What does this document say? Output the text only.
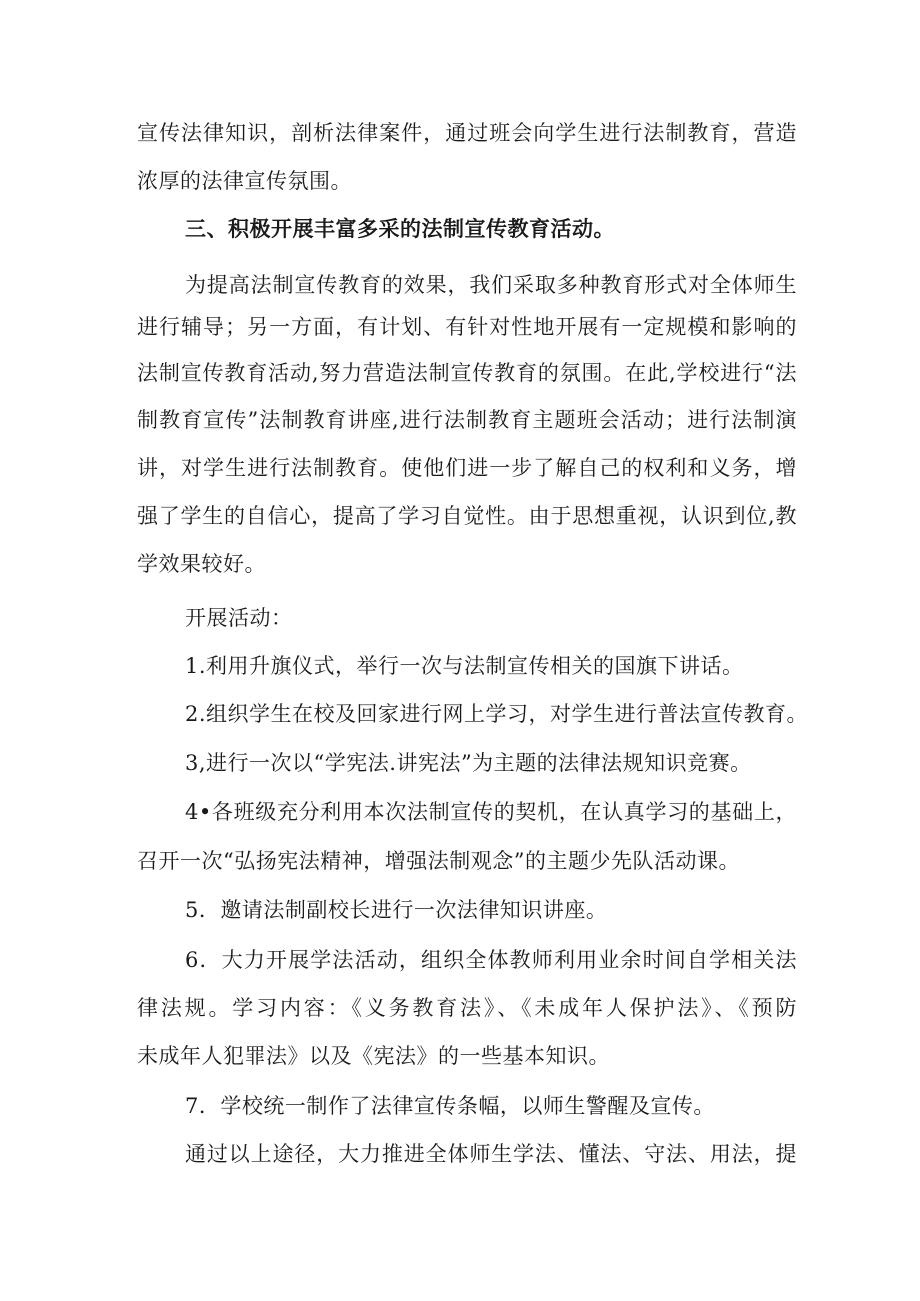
宣传法律知识，剖析法律案件，通过班会向学生进行法制教育，营造
浓厚的法律宣传氛围。
三、积极开展丰富多采的法制宣传教育活动。
为提高法制宣传教育的效果，我们采取多种教育形式对全体师生
进行辅导；另一方面，有计划、有针对性地开展有一定规模和影响的
法制宣传教育活动,努力营造法制宣传教育的氛围。在此,学校进行“法
制教育宣传”法制教育讲座,进行法制教育主题班会活动；进行法制演
讲，对学生进行法制教育。使他们进一步了解自己的权利和义务，增
强了学生的自信心，提高了学习自觉性。由于思想重视，认识到位,教
学效果较好。
开展活动：
1.利用升旗仪式，举行一次与法制宣传相关的国旗下讲话。
2.组织学生在校及回家进行网上学习，对学生进行普法宣传教育。
3,进行一次以“学宪法.讲宪法”为主题的法律法规知识竞赛。
4•各班级充分利用本次法制宣传的契机，在认真学习的基础上，
召开一次“弘扬宪法精神，增强法制观念”的主题少先队活动课。
5．邀请法制副校长进行一次法律知识讲座。
6．大力开展学法活动，组织全体教师利用业余时间自学相关法
律法规。学习内容：《义务教育法》、《未成年人保护法》、《预防
未成年人犯罪法》以及《宪法》的一些基本知识。
7．学校统一制作了法律宣传条幅，以师生警醒及宣传。
通过以上途径，大力推进全体师生学法、懂法、守法、用法，提
